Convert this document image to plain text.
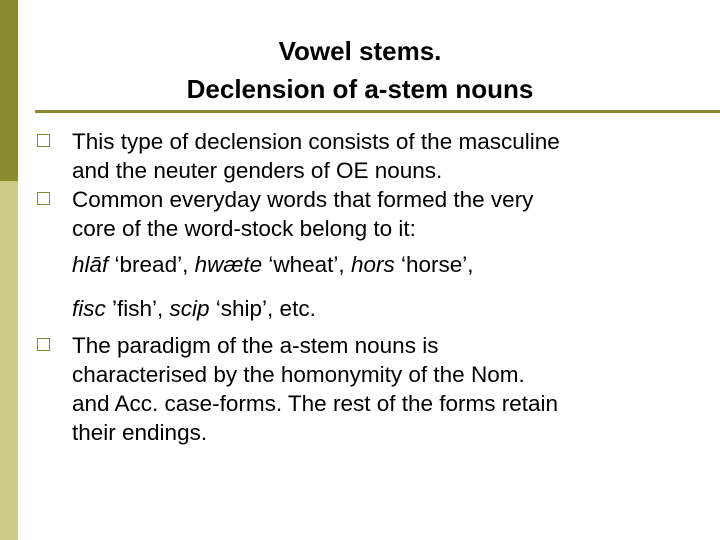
Vowel stems.
Declension of a-stem nouns
This type of declension consists of the masculine
and the neuter genders of OE nouns.
Common everyday words that formed the very
core of the word-stock belong to it:
hlāf ‘bread’, hwæte ‘wheat’, hors ‘horse’,
fisc ’fish’, scip ‘ship’, etc.
The paradigm of the a-stem nouns is
characterised by the homonymity of the Nom.
and Acc. case-forms. The rest of the forms retain
their endings.
